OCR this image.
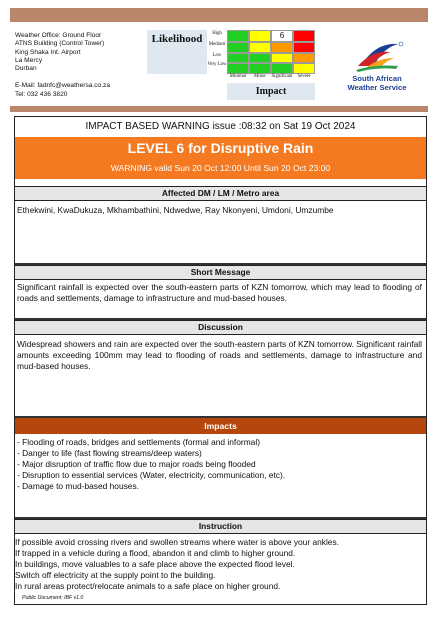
Weather Office: Ground Floor
ATNS Building (Control Tower)
King Shaka Int. Airport
La Mercy
Durban
E-Mail: fadnfc@weathersa.co.za
Tel: 032 436 3820
Likelihood	High
Medium
Low
Very Low
6
Minimal	Minor	Significant	Severe
Impact
South African
Weather Service
IMPACT BASED WARNING issue :08:32 on Sat 19 Oct 2024
LEVEL 6 for Disruptive Rain
WARNING valid Sun 20 Oct 12:00 Until Sun 20 Oct 23:00
Affected DM / LM / Metro area
Ethekwini, KwaDukuza, Mkhambathini, Ndwedwe, Ray Nkonyeni, Umdoni, Umzumbe
Short Message
Significant rainfall is expected over the south-eastern parts of KZN tomorrow, which may lead to flooding of roads and settlements, damage to infrastructure and mud-based houses.
Discussion
Widespread showers and rain are expected over the south-eastern parts of KZN tomorrow. Significant rainfall amounts exceeding 100mm may lead to flooding of roads and settlements, damage to infrastructure and mud-based houses.
Impacts
- Flooding of roads, bridges and settlements (formal and informal)
- Danger to life (fast flowing streams/deep waters)
- Major disruption of traffic flow due to major roads being flooded
- Disruption to essential services (Water, electricity, communication, etc).
- Damage to mud-based houses.
Instruction
If possible avoid crossing rivers and swollen streams where water is above your ankles.
If trapped in a vehicle during a flood, abandon it and climb to higher ground.
In buildings, move valuables to a safe place above the expected flood level.
Switch off electricity at the supply point to the building.
In rural areas protect/relocate animals to a safe place on higher ground.
Public Document: IBF v1.0
